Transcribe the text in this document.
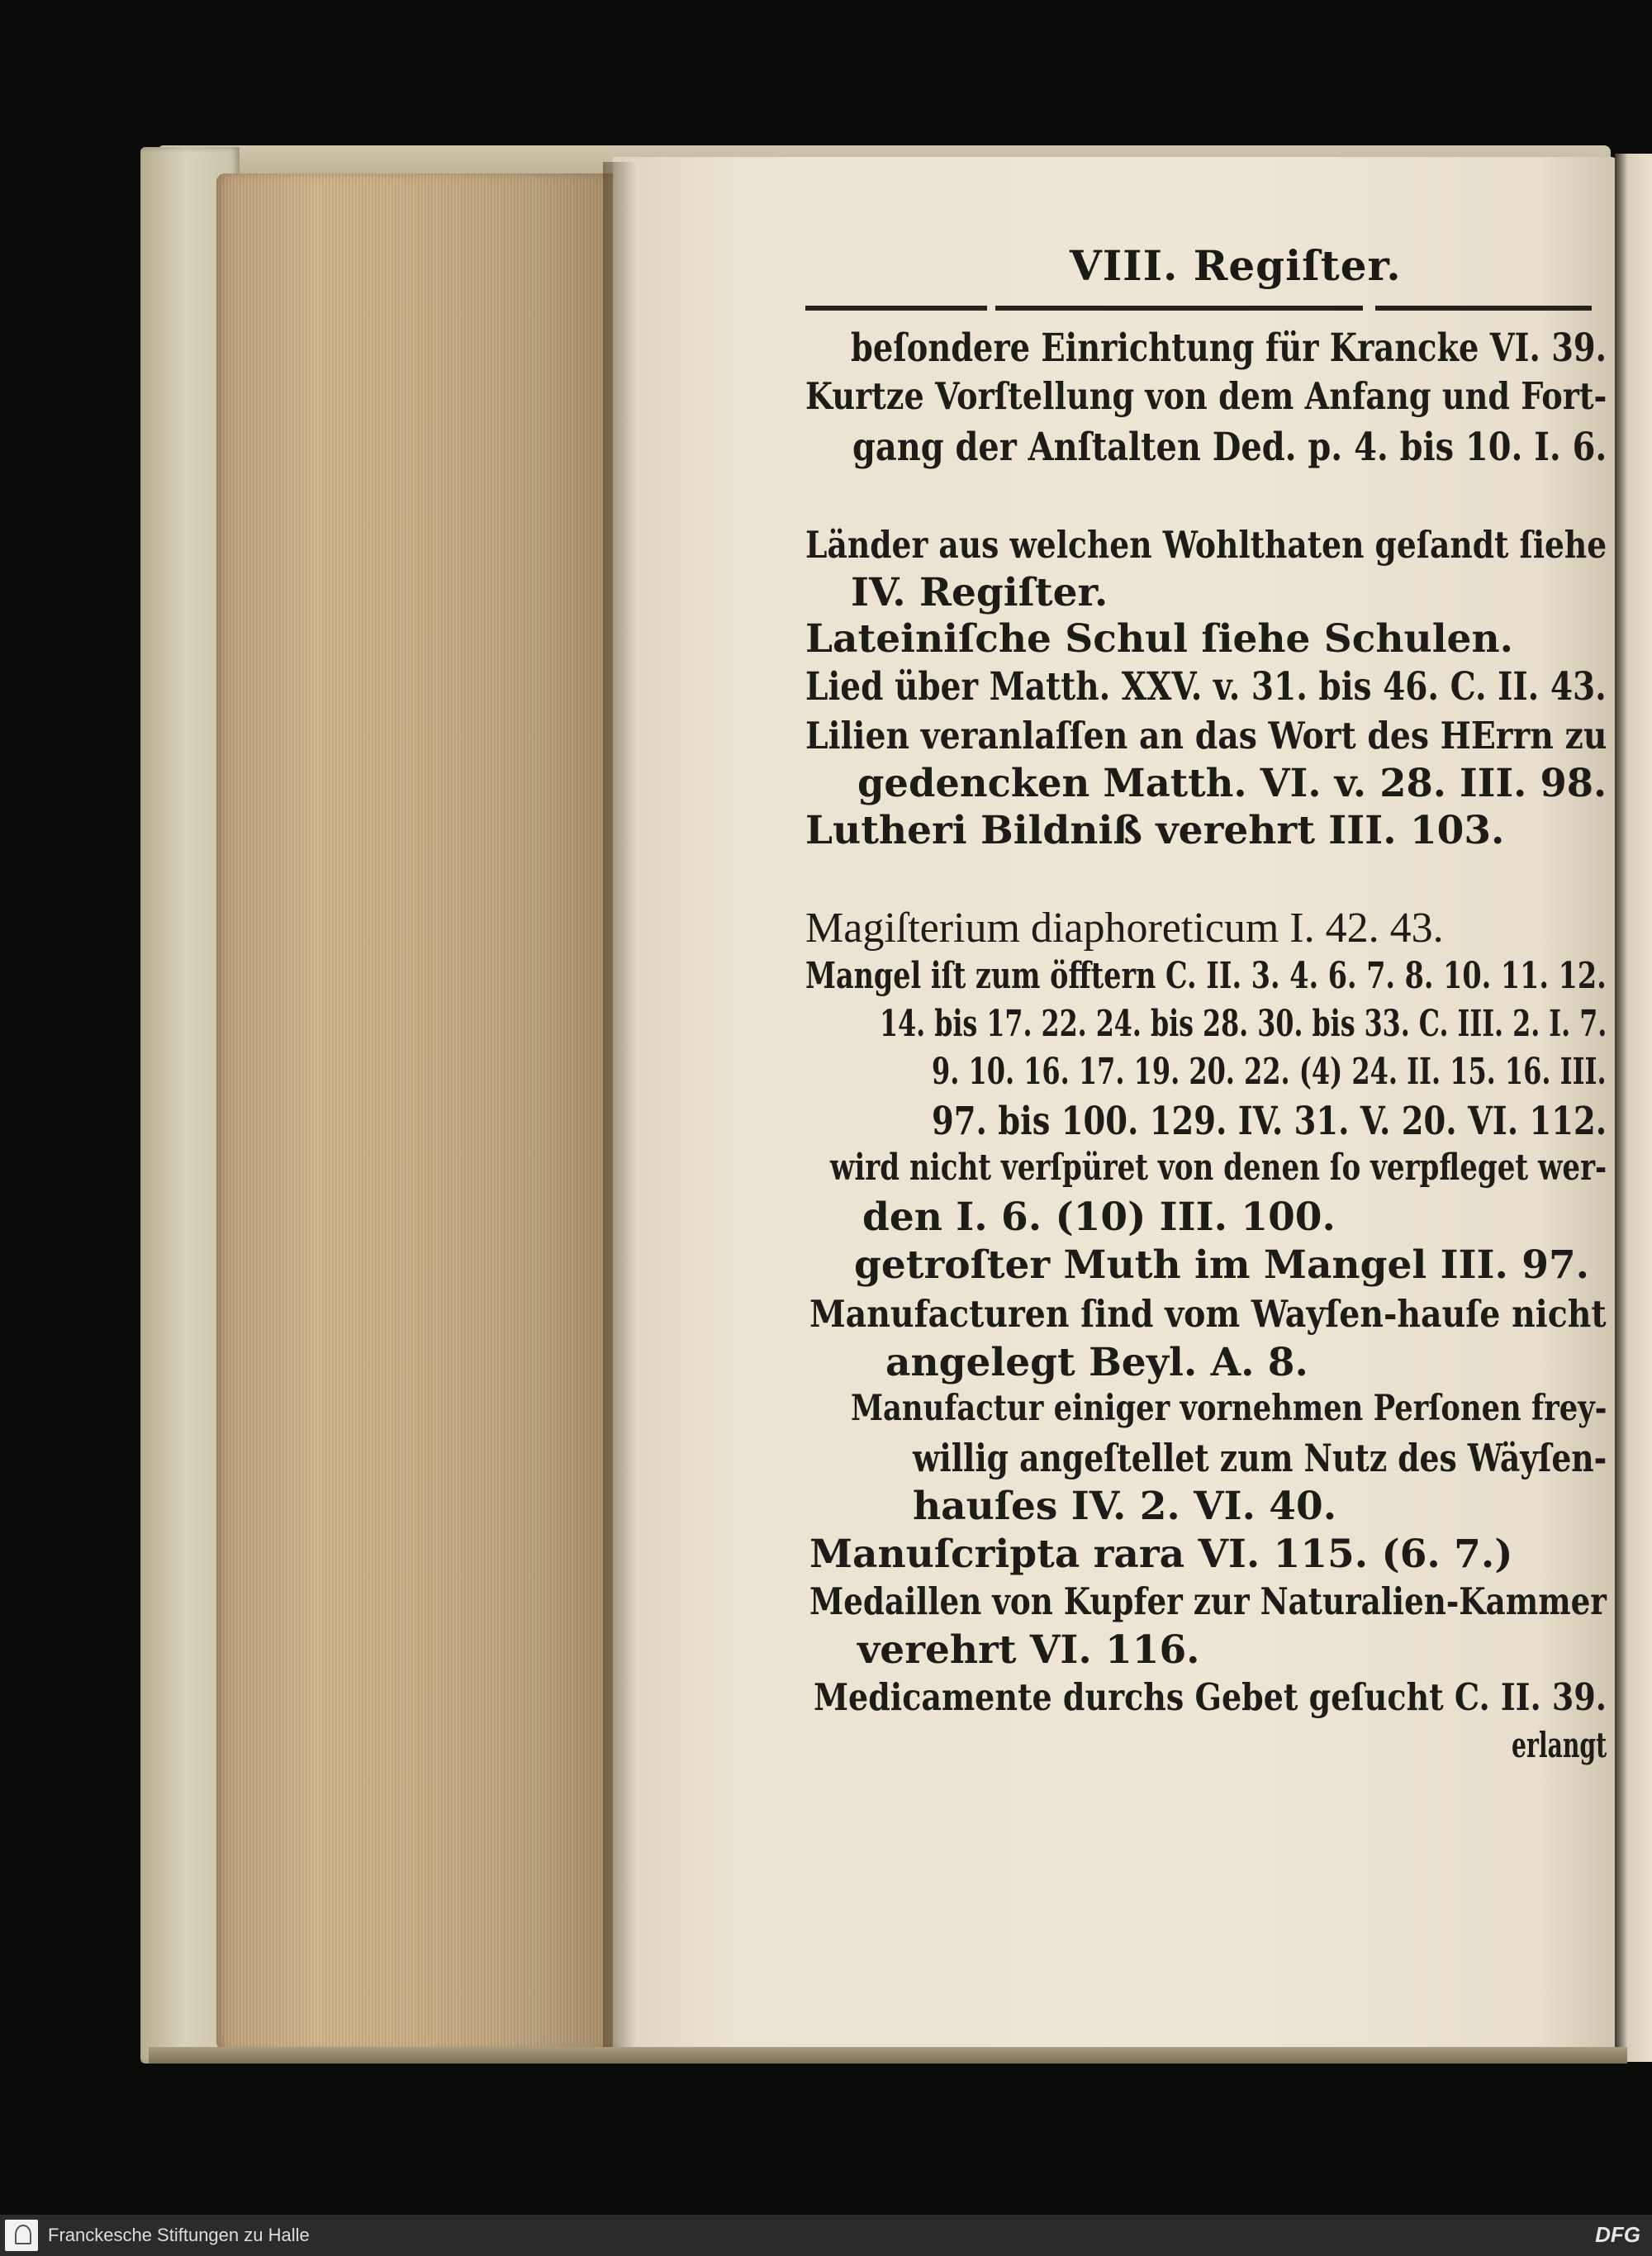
VIII. Regiſter.
beſondere Einrichtung für Krancke VI. 39.
Kurtze Vorſtellung von dem Anfang und Fort-
gang der Anſtalten Ded. p. 4. bis 10. I. 6.
Länder aus welchen Wohlthaten geſandt ſiehe
IV. Regiſter.
Lateiniſche Schul ſiehe Schulen.
Lied über Matth. XXV. v. 31. bis 46. C. II. 43.
Lilien veranlaſſen an das Wort des HErrn zu
gedencken Matth. VI. v. 28. III. 98.
Lutheri Bildniß verehrt III. 103.
Magiſterium diaphoreticum I. 42. 43.
Mangel iſt zum öfftern C. II. 3. 4. 6. 7. 8. 10. 11. 12.
14. bis 17. 22. 24. bis 28. 30. bis 33. C. III. 2. I. 7.
9. 10. 16. 17. 19. 20. 22. (4) 24. II. 15. 16. III.
97. bis 100. 129. IV. 31. V. 20. VI. 112.
wird nicht verſpüret von denen ſo verpfleget wer-
den I. 6. (10) III. 100.
getroſter Muth im Mangel III. 97.
Manufacturen ſind vom Wayſen-hauſe nicht
angelegt Beyl. A. 8.
Manufactur einiger vornehmen Perſonen frey-
willig angeſtellet zum Nutz des Wäyſen-
hauſes IV. 2. VI. 40.
Manuſcripta rara VI. 115. (6. 7.)
Medaillen von Kupfer zur Naturalien-Kammer
verehrt VI. 116.
Medicamente durchs Gebet geſucht C. II. 39.
erlangt
Franckesche Stiftungen zu Halle	DFG
